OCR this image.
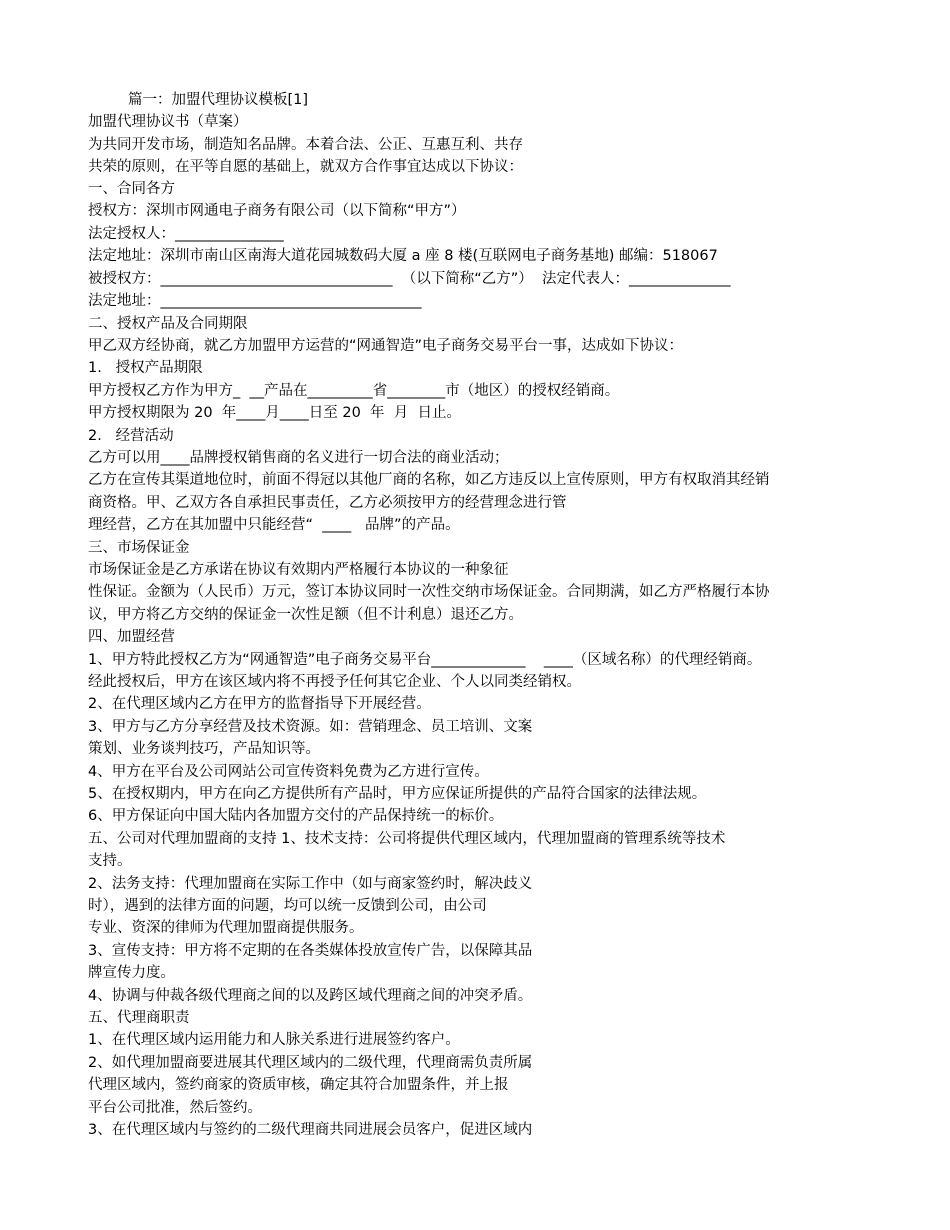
篇一：加盟代理协议模板[1]
加盟代理协议书（草案）
为共同开发市场，制造知名品牌。本着合法、公正、互惠互利、共存
共荣的原则，在平等自愿的基础上，就双方合作事宜达成以下协议：
一、合同各方
授权方：深圳市网通电子商务有限公司（以下简称“甲方”）
法定授权人：_______________
法定地址：深圳市南山区南海大道花园城数码大厦 a 座 8 楼(互联网电子商务基地) 邮编：518067
被授权方：________________________________  （以下简称“乙方”）  法定代表人：______________
法定地址：____________________________________
二、授权产品及合同期限
甲乙双方经协商，就乙方加盟甲方运营的“网通智造”电子商务交易平台一事，达成如下协议：
1.   授权产品期限
甲方授权乙方作为甲方_  __产品在_________省________市（地区）的授权经销商。
甲方授权期限为 20  年____月____日至 20  年  月  日止。
2.   经营活动
乙方可以用____品牌授权销售商的名义进行一切合法的商业活动；
乙方在宣传其渠道地位时，前面不得冠以其他厂商的名称，如乙方违反以上宣传原则，甲方有权取消其经销
商资格。甲、乙双方各自承担民事责任，乙方必须按甲方的经营理念进行管
理经营，乙方在其加盟中只能经营“  ____   品牌”的产品。
三、市场保证金
市场保证金是乙方承诺在协议有效期内严格履行本协议的一种象征
性保证。金额为（人民币）万元，签订本协议同时一次性交纳市场保证金。合同期满，如乙方严格履行本协
议，甲方将乙方交纳的保证金一次性足额（但不计利息）退还乙方。
四、加盟经营
1、甲方特此授权乙方为“网通智造”电子商务交易平台_____________    ____（区域名称）的代理经销商。
经此授权后，甲方在该区域内将不再授予任何其它企业、个人以同类经销权。
2、在代理区域内乙方在甲方的监督指导下开展经营。
3、甲方与乙方分享经营及技术资源。如：营销理念、员工培训、文案
策划、业务谈判技巧，产品知识等。
4、甲方在平台及公司网站公司宣传资料免费为乙方进行宣传。
5、在授权期内，甲方在向乙方提供所有产品时，甲方应保证所提供的产品符合国家的法律法规。
6、甲方保证向中国大陆内各加盟方交付的产品保持统一的标价。
五、公司对代理加盟商的支持 1、技术支持：公司将提供代理区域内，代理加盟商的管理系统等技术
支持。
2、法务支持：代理加盟商在实际工作中（如与商家签约时，解决歧义
时），遇到的法律方面的问题，均可以统一反馈到公司，由公司
专业、资深的律师为代理加盟商提供服务。
3、宣传支持：甲方将不定期的在各类媒体投放宣传广告，以保障其品
牌宣传力度。
4、协调与仲裁各级代理商之间的以及跨区域代理商之间的冲突矛盾。
五、代理商职责
1、在代理区域内运用能力和人脉关系进行进展签约客户。
2、如代理加盟商要进展其代理区域内的二级代理，代理商需负责所属
代理区域内，签约商家的资质审核，确定其符合加盟条件，并上报
平台公司批准，然后签约。
3、在代理区域内与签约的二级代理商共同进展会员客户，促进区域内
